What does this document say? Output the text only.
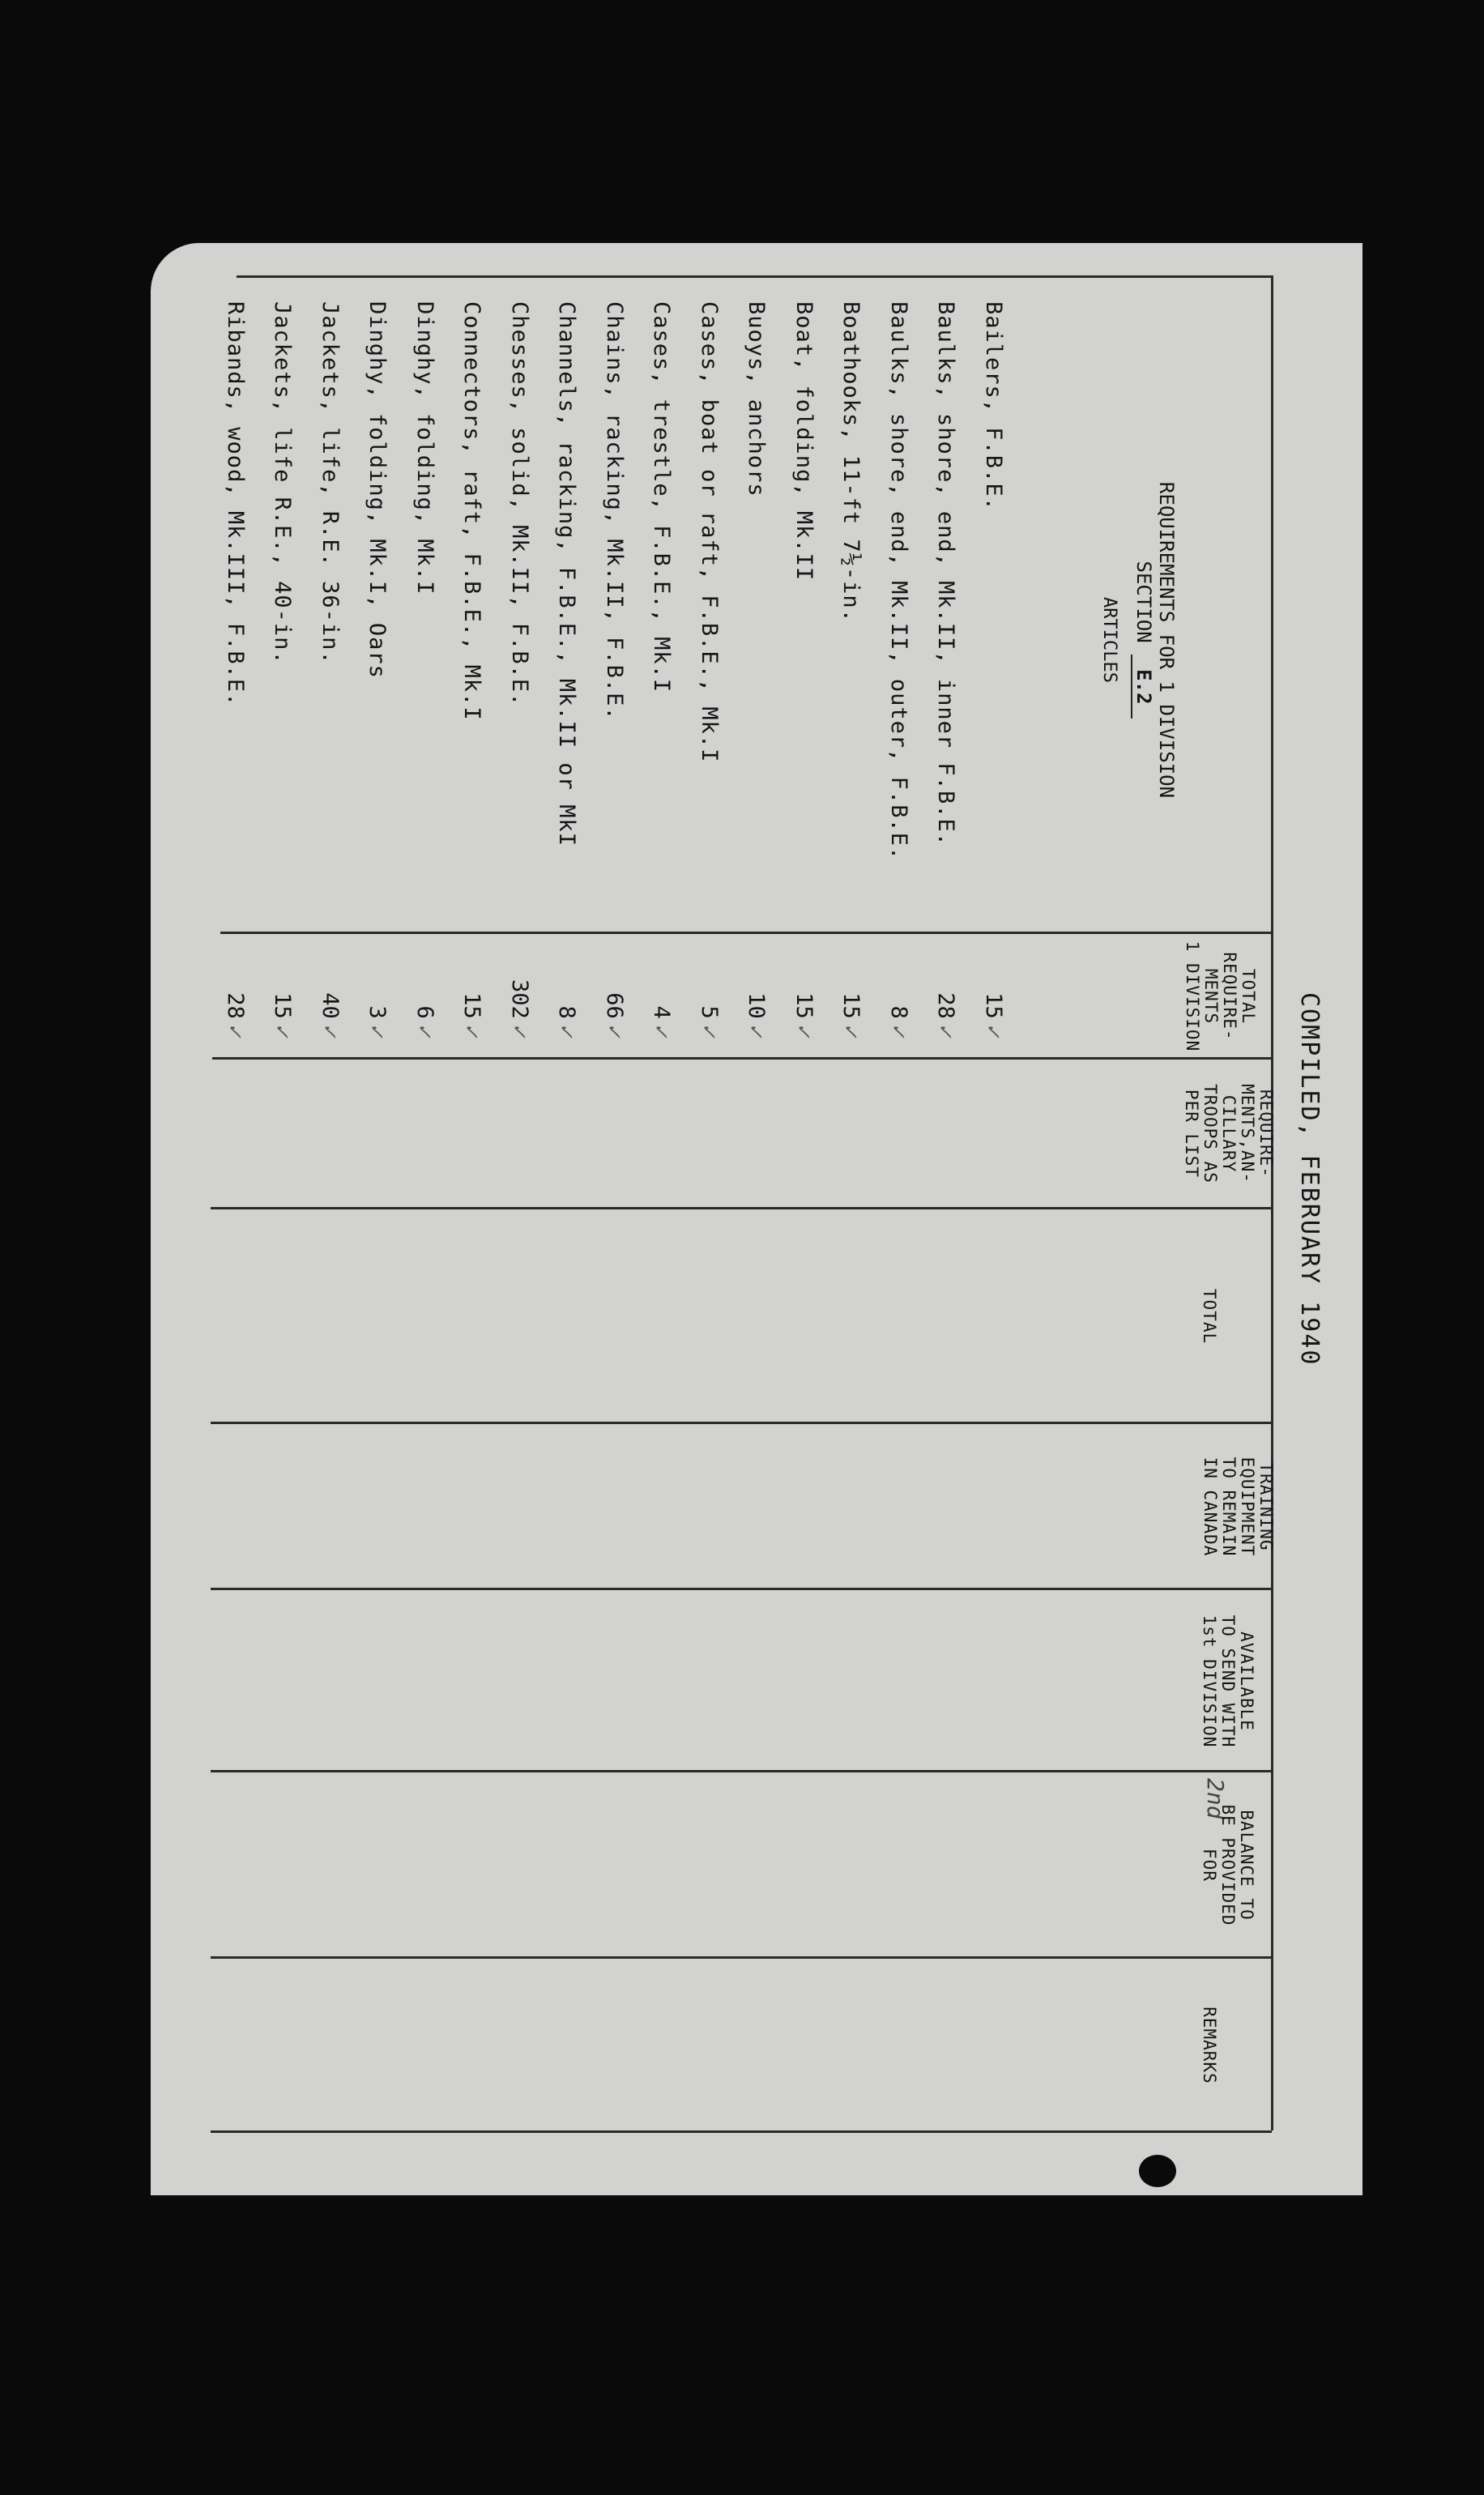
COMPILED, FEBRUARY 1940
REQUIREMENTS FOR 1 DIVISION
SECTION E.2
ARTICLES
TOTAL
REQUIRE-
MENTS
1 DIVISION
REQUIRE-
MENTS,AN-
CILLARY
TROOPS AS
PER LIST
TOTAL
TRAINING
EQUIPMENT
TO REMAIN
IN CANADA
AVAILABLE
TO SEND WITH
1st DIVISION
2nd
BALANCE TO
BE PROVIDED
FOR
REMARKS
Bailers, F.B.E.
15✓
Baulks, shore, end, Mk.II, inner F.B.E.
28✓
Baulks, shore, end, Mk.II, outer, F.B.E.
8✓
Boathooks, 11-ft 7½-in.
15✓
Boat, folding, Mk.II
15✓
Buoys, anchors
10✓
Cases, boat or raft, F.B.E., Mk.I
5✓
Cases, trestle, F.B.E., Mk.I
4✓
Chains, racking, Mk.II, F.B.E.
66✓
Channels, racking, F.B.E., Mk.II or MkI
8✓
Chesses, solid, Mk.II, F.B.E.
302✓
Connectors, raft, F.B.E., Mk.I
15✓
Dinghy, folding, Mk.I
6✓
Dinghy, folding, Mk.I, Oars
3✓
Jackets, life, R.E. 36-in.
40✓
Jackets, life R.E., 40-in.
15✓
Ribands, wood, Mk.III, F.B.E.
28✓
